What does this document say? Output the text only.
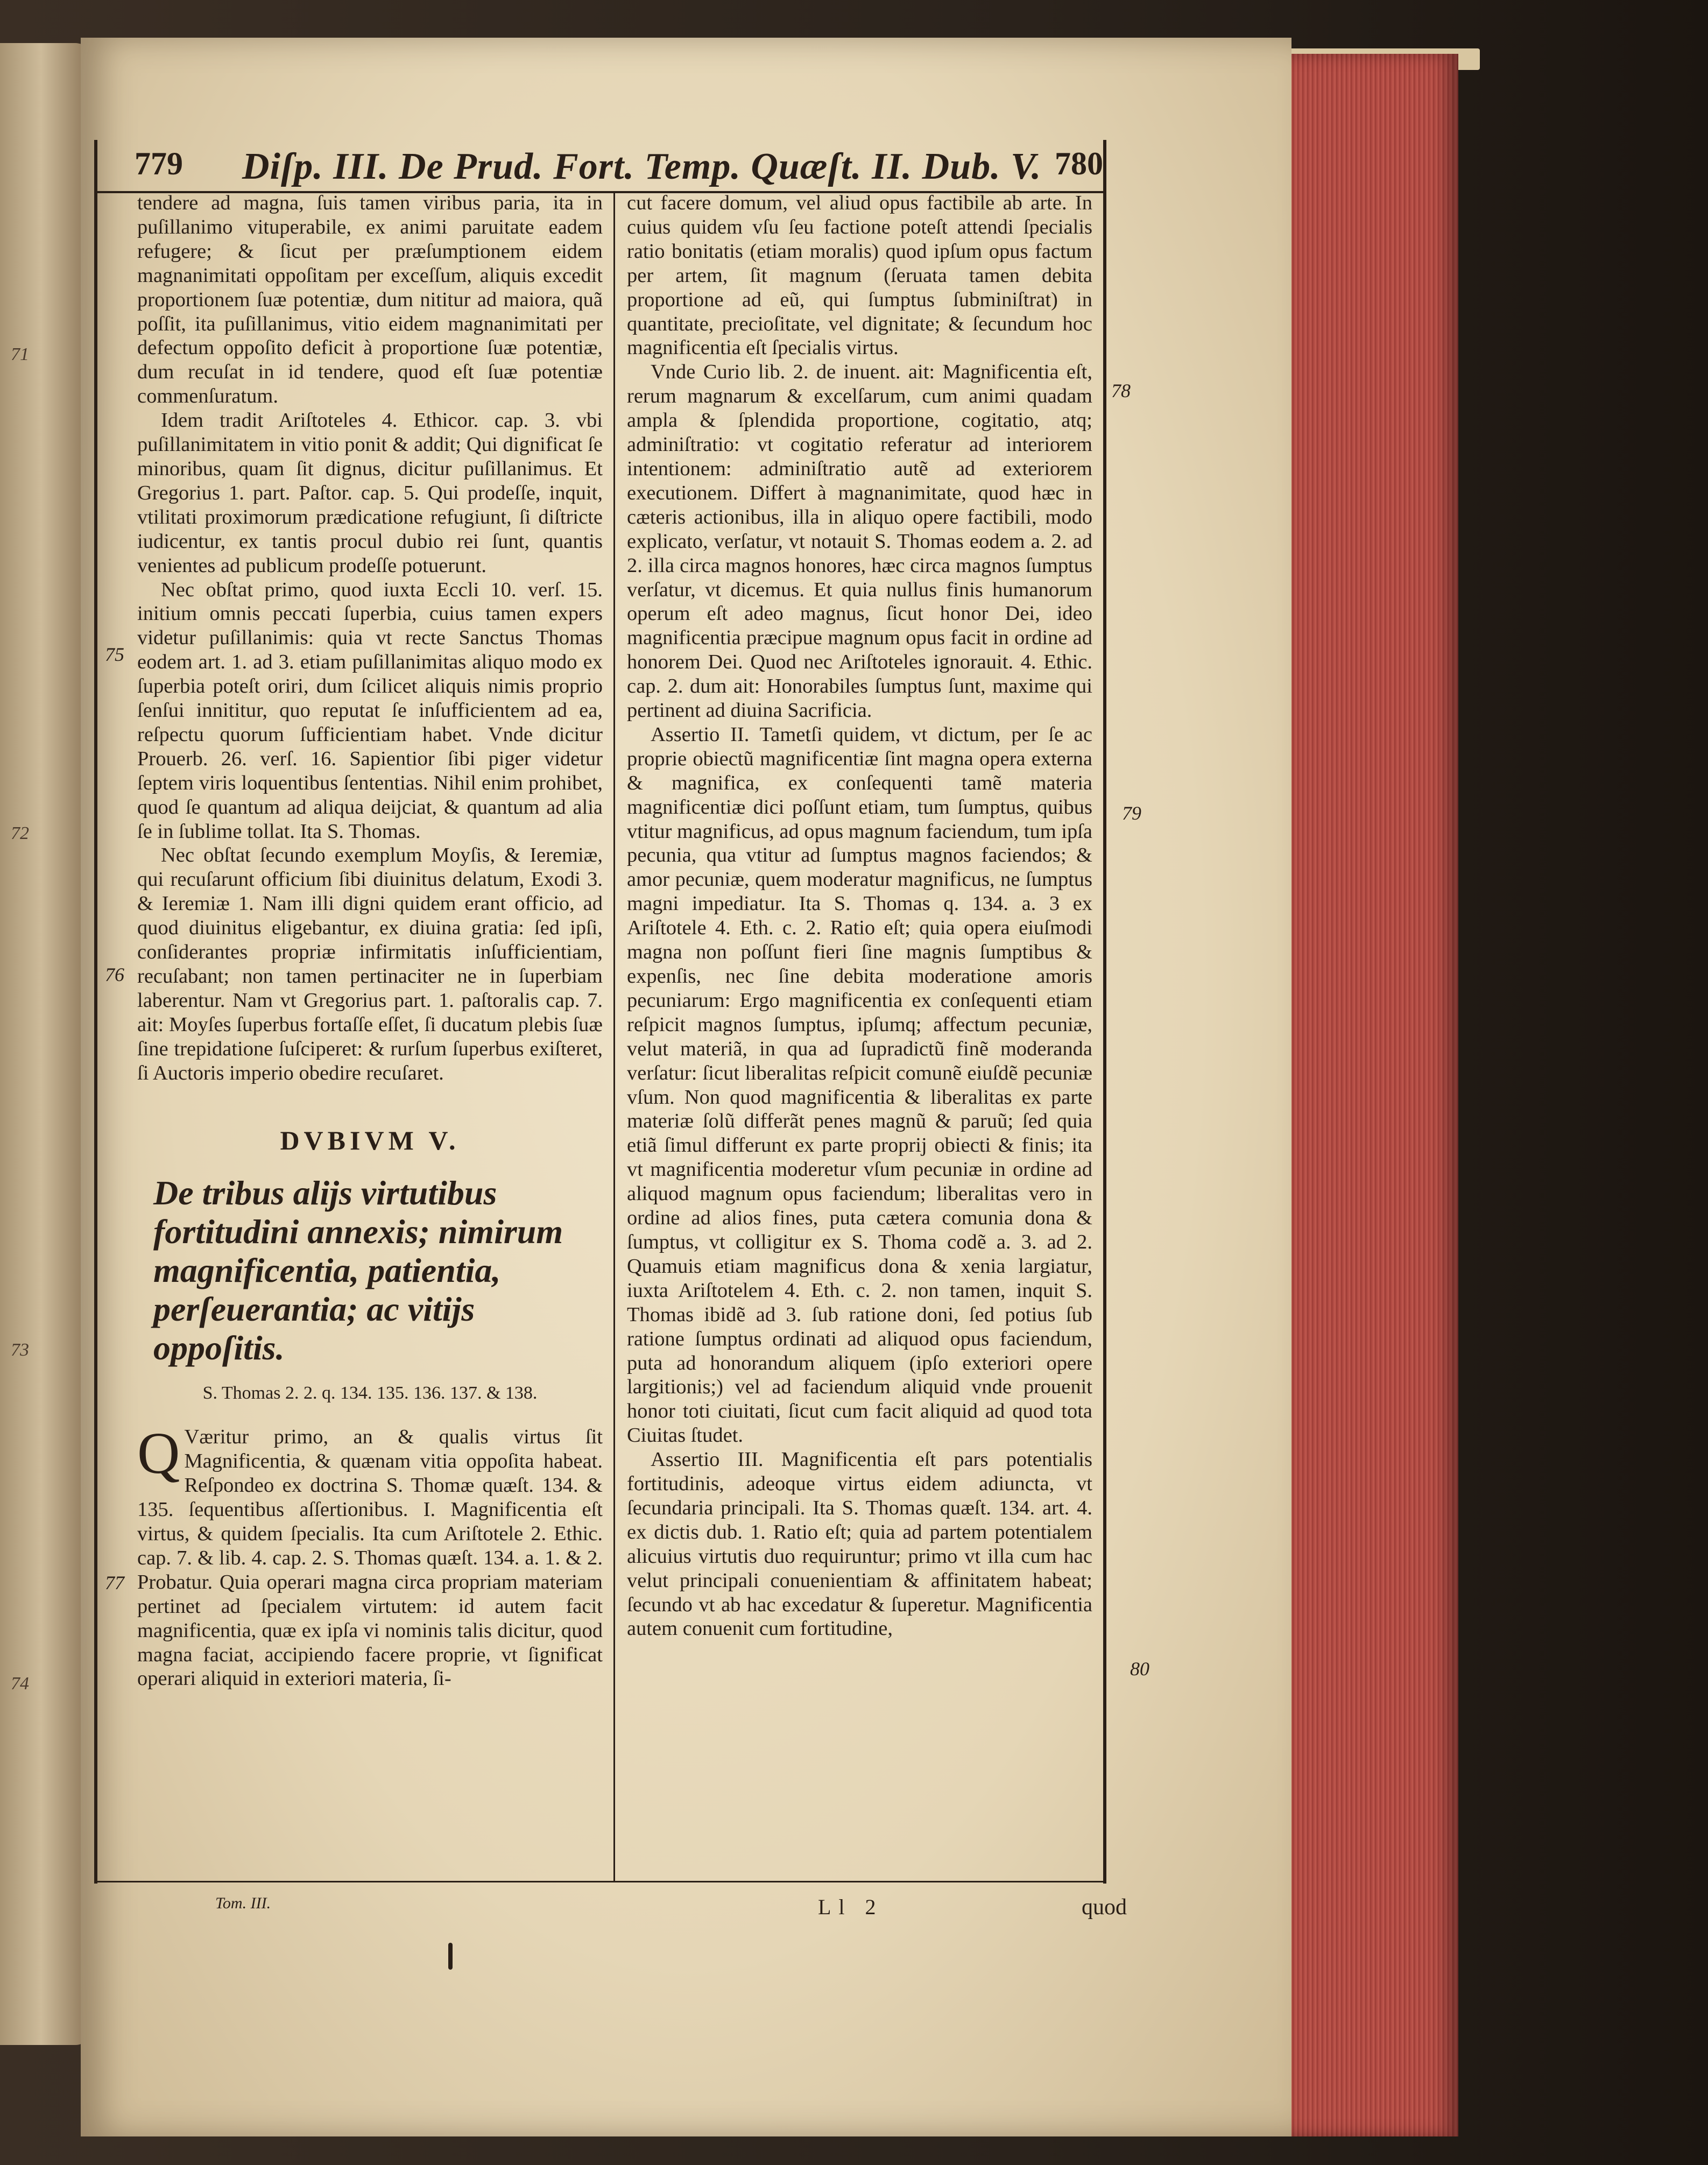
71
72
73
74
779 Diſp. III. De Prud. Fort. Temp. Quæſt. II. Dub. V. 780

tendere ad magna, ſuis tamen viribus paria, ita in puſillanimo vituperabile, ex animi paruitate eadem refugere; & ſicut per præſumptionem eidem magnanimitati oppoſitam per exceſſum, aliquis excedit proportionem ſuæ potentiæ, dum nititur ad maiora, quã poſſit, ita puſillanimus, vitio eidem magnanimitati per defectum oppoſito deficit à proportione ſuæ potentiæ, dum recuſat in id tendere, quod eſt ſuæ potentiæ commenſuratum.

Idem tradit Ariſtoteles 4. Ethicor. cap. 3. vbi puſillanimitatem in vitio ponit & addit; Qui dignificat ſe minoribus, quam ſit dignus, dicitur puſillanimus. Et Gregorius 1. part. Paſtor. cap. 5. Qui prodeſſe, inquit, vtilitati proximorum prædicatione refugiunt, ſi diſtricte iudicentur, ex tantis procul dubio rei ſunt, quantis venientes ad publicum prodeſſe potuerunt.

Nec obſtat primo, quod iuxta Eccli 10. verſ. 15. initium omnis peccati ſuperbia, cuius tamen expers videtur puſillanimis: quia vt recte Sanctus Thomas eodem art. 1. ad 3. etiam puſillanimitas aliquo modo ex ſuperbia poteſt oriri, dum ſcilicet aliquis nimis proprio ſenſui innititur, quo reputat ſe inſufficientem ad ea, reſpectu quorum ſufficientiam habet. Vnde dicitur Prouerb. 26. verſ. 16. Sapientior ſibi piger videtur ſeptem viris loquentibus ſententias. Nihil enim prohibet, quod ſe quantum ad aliqua deijciat, & quantum ad alia ſe in ſublime tollat. Ita S. Thomas.

Nec obſtat ſecundo exemplum Moyſis, & Ieremiæ, qui recuſarunt officium ſibi diuinitus delatum, Exodi 3. & Ieremiæ 1. Nam illi digni quidem erant officio, ad quod diuinitus eligebantur, ex diuina gratia: ſed ipſi, conſiderantes propriæ infirmitatis inſufficientiam, recuſabant; non tamen pertinaciter ne in ſuperbiam laberentur. Nam vt Gregorius part. 1. paſtoralis cap. 7. ait: Moyſes ſuperbus fortaſſe eſſet, ſi ducatum plebis ſuæ ſine trepidatione ſuſciperet: & rurſum ſuperbus exiſteret, ſi Auctoris imperio obedire recuſaret.

DVBIVM V.
De tribus alijs virtutibus fortitudini annexis; nimirum magnificentia, patientia, perſeuerantia; ac vitijs oppoſitis.
S. Thomas 2. 2. q. 134. 135. 136. 137. & 138.

Q Væritur primo, an & qualis virtus ſit Magnificentia, & quænam vitia oppoſita habeat. Reſpondeo ex doctrina S. Thomæ quæſt. 134. & 135. ſequentibus aſſertionibus. I. Magnificentia eſt virtus, & quidem ſpecialis. Ita cum Ariſtotele 2. Ethic. cap. 7. & lib. 4. cap. 2. S. Thomas quæſt. 134. a. 1. & 2. Probatur. Quia operari magna circa propriam materiam pertinet ad ſpecialem virtutem: id autem facit magnificentia, quæ ex ipſa vi nominis talis dicitur, quod magna faciat, accipiendo facere proprie, vt ſignificat operari aliquid in exteriori materia, ſi-

cut facere domum, vel aliud opus factibile ab arte. In cuius quidem vſu ſeu factione poteſt attendi ſpecialis ratio bonitatis (etiam moralis) quod ipſum opus factum per artem, ſit magnum (ſeruata tamen debita proportione ad eũ, qui ſumptus ſubminiſtrat) in quantitate, precioſitate, vel dignitate; & ſecundum hoc magnificentia eſt ſpecialis virtus.

Vnde Curio lib. 2. de inuent. ait: Magnificentia eſt, rerum magnarum & excelſarum, cum animi quadam ampla & ſplendida proportione, cogitatio, atq; adminiſtratio: vt cogitatio referatur ad interiorem intentionem: adminiſtratio autẽ ad exteriorem executionem. Differt à magnanimitate, quod hæc in cæteris actionibus, illa in aliquo opere factibili, modo explicato, verſatur, vt notauit S. Thomas eodem a. 2. ad 2. illa circa magnos honores, hæc circa magnos ſumptus verſatur, vt dicemus. Et quia nullus finis humanorum operum eſt adeo magnus, ſicut honor Dei, ideo magnificentia præcipue magnum opus facit in ordine ad honorem Dei. Quod nec Ariſtoteles ignorauit. 4. Ethic. cap. 2. dum ait: Honorabiles ſumptus ſunt, maxime qui pertinent ad diuina Sacrificia.

Assertio II. Tametſi quidem, vt dictum, per ſe ac proprie obiectũ magnificentiæ ſint magna opera externa & magnifica, ex conſequenti tamẽ materia magnificentiæ dici poſſunt etiam, tum ſumptus, quibus vtitur magnificus, ad opus magnum faciendum, tum ipſa pecunia, qua vtitur ad ſumptus magnos faciendos; & amor pecuniæ, quem moderatur magnificus, ne ſumptus magni impediatur. Ita S. Thomas q. 134. a. 3 ex Ariſtotele 4. Eth. c. 2. Ratio eſt; quia opera eiuſmodi magna non poſſunt fieri ſine magnis ſumptibus & expenſis, nec ſine debita moderatione amoris pecuniarum: Ergo magnificentia ex conſequenti etiam reſpicit magnos ſumptus, ipſumq; affectum pecuniæ, velut materiã, in qua ad ſupradictũ finẽ moderanda verſatur: ſicut liberalitas reſpicit comunẽ eiuſdẽ pecuniæ vſum. Non quod magnificentia & liberalitas ex parte materiæ ſolũ differãt penes magnũ & paruũ; ſed quia etiã ſimul differunt ex parte proprij obiecti & finis; ita vt magnificentia moderetur vſum pecuniæ in ordine ad aliquod magnum opus faciendum; liberalitas vero in ordine ad alios fines, puta cætera comunia dona & ſumptus, vt colligitur ex S. Thoma codẽ a. 3. ad 2. Quamuis etiam magnificus dona & xenia largiatur, iuxta Ariſtotelem 4. Eth. c. 2. non tamen, inquit S. Thomas ibidẽ ad 3. ſub ratione doni, ſed potius ſub ratione ſumptus ordinati ad aliquod opus faciendum, puta ad honorandum aliquem (ipſo exteriori opere largitionis;) vel ad faciendum aliquid vnde prouenit honor toti ciuitati, ſicut cum facit aliquid ad quod tota Ciuitas ſtudet.

Assertio III. Magnificentia eſt pars potentialis fortitudinis, adeoque virtus eidem adiuncta, vt ſecundaria principali. Ita S. Thomas quæſt. 134. art. 4. ex dictis dub. 1. Ratio eſt; quia ad partem potentialem alicuius virtutis duo requiruntur; primo vt illa cum hac velut principali conuenientiam & affinitatem habeat; ſecundo vt ab hac excedatur & ſuperetur. Magnificentia autem conuenit cum fortitudine,

75
76
77
78
79
80
Tom. III.	Ll 2	quod
